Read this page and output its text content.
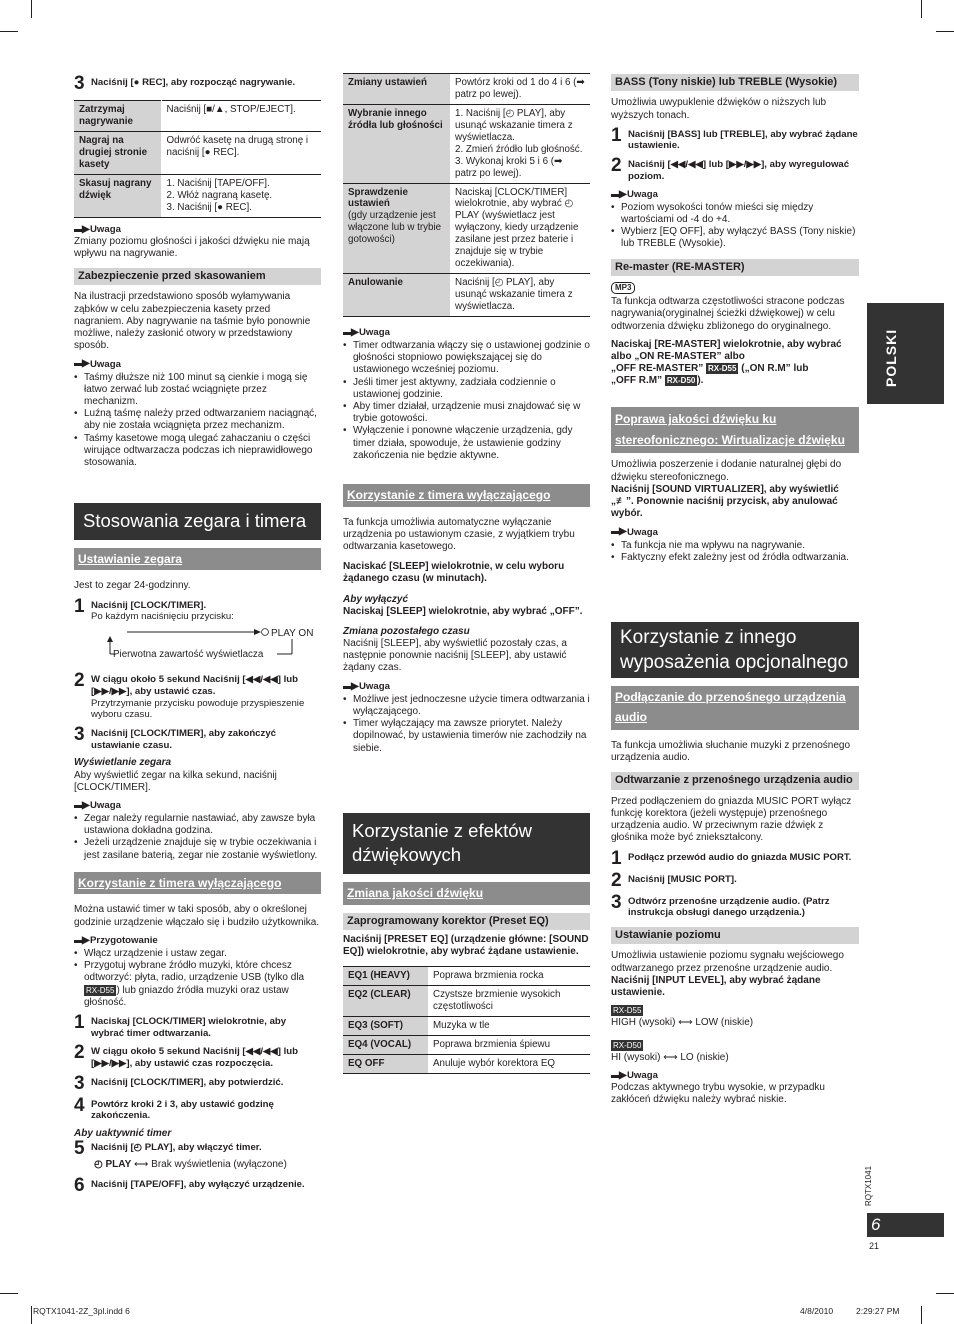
3 Naciśnij [● REC], aby rozpocząć nagrywanie.
Zatrzymaj nagrywanie	Naciśnij [■/▲, STOP/EJECT].
Nagraj na drugiej stronie kasety	Odwróć kasetę na drugą stronę i naciśnij [● REC].
Skasuj nagrany dźwięk	1. Naciśnij [TAPE/OFF].
2. Włóż nagraną kasetę.
3. Naciśnij [● REC].
▬▶ Uwaga

Zmiany poziomu głośności i jakości dźwięku nie mają wpływu na nagrywanie.

Zabezpieczenie przed skasowaniem

Na ilustracji przedstawiono sposób wyłamywania ząbków w celu zabezpieczenia kasety przed nagraniem. Aby nagrywanie na taśmie było ponownie możliwe, należy zasłonić otwory w przedstawiony sposób.

▬▶ Uwaga
• Taśmy dłuższe niż 100 minut są cienkie i mogą się łatwo zerwać lub zostać wciągnięte przez mechanizm.
• Luźną taśmę należy przed odtwarzaniem naciągnąć, aby nie została wciągnięta przez mechanizm.
• Taśmy kasetowe mogą ulegać zahaczaniu o części wirujące odtwarzacza podczas ich nieprawidłowego stosowania.
Stosowania zegara i timera
Ustawianie zegara

Jest to zegar 24-godzinny.

1 Naciśnij [CLOCK/TIMER].
Po każdym naciśnięciu przycisku:
PLAY ON
Pierwotna zawartość wyświetlacza
2 W ciągu około 5 sekund Naciśnij [◀◀/◀◀] lub [▶▶/▶▶], aby ustawić czas.
Przytrzymanie przycisku powoduje przyspieszenie wyboru czasu.
3 Naciśnij [CLOCK/TIMER], aby zakończyć ustawianie czasu.

Wyświetlanie zegara

Aby wyświetlić zegar na kilka sekund, naciśnij [CLOCK/TIMER].

▬▶ Uwaga
• Zegar należy regularnie nastawiać, aby zawsze była ustawiona dokładna godzina.
• Jeżeli urządzenie znajduje się w trybie oczekiwania i jest zasilane baterią, zegar nie zostanie wyświetlony.
Korzystanie z timera wyłączającego

Można ustawić timer w taki sposób, aby o określonej godzinie urządzenie włączało się i budziło użytkownika.

▬▶ Przygotowanie
• Włącz urządzenie i ustaw zegar.
• Przygotuj wybrane źródło muzyki, które chcesz odtworzyć: płyta, radio, urządzenie USB (tylko dla RX-D55 ) lub gniazdo źródła muzyki oraz ustaw głośność.
1 Naciskaj [CLOCK/TIMER] wielokrotnie, aby wybrać timer odtwarzania.
2 W ciągu około 5 sekund Naciśnij [◀◀/◀◀] lub [▶▶/▶▶], aby ustawić czas rozpoczęcia.
3 Naciśnij [CLOCK/TIMER], aby potwierdzić.
4 Powtórz kroki 2 i 3, aby ustawić godzinę zakończenia.

Aby uaktywnić timer

5 Naciśnij [◴ PLAY], aby włączyć timer.

◴ PLAY ⟷ Brak wyświetlenia (wyłączone)

6 Naciśnij [TAPE/OFF], aby wyłączyć urządzenie.
Zmiany ustawień	Powtórz kroki od 1 do 4 i 6 (➡ patrz po lewej).
Wybranie innego źródła lub głośności	1. Naciśnij [◴ PLAY], aby usunąć wskazanie timera z wyświetlacza.
2. Zmień źródło lub głośność.
3. Wykonaj kroki 5 i 6 (➡ patrz po lewej).

Sprawdzenie ustawień
(gdy urządzenie jest włączone lub w trybie gotowości)	Naciskaj [CLOCK/TIMER] wielokrotnie, aby wybrać ◴ PLAY (wyświetlacz jest wyłączony, kiedy urządzenie zasilane jest przez baterie i znajduje się w trybie oczekiwania).
Anulowanie	Naciśnij [◴ PLAY], aby usunąć wskazanie timera z wyświetlacza.
▬▶ Uwaga
• Timer odtwarzania włączy się o ustawionej godzinie o głośności stopniowo powiększającej się do ustawionego wcześniej poziomu.
• Jeśli timer jest aktywny, zadziała codziennie o ustawionej godzinie.
• Aby timer działał, urządzenie musi znajdować się w trybie gotowości.
• Wyłączenie i ponowne włączenie urządzenia, gdy timer działa, spowoduje, że ustawienie godziny zakończenia nie będzie aktywne.
Korzystanie z timera wyłączającego

Ta funkcja umożliwia automatyczne wyłączanie urządzenia po ustawionym czasie, z wyjątkiem trybu odtwarzania kasetowego.

Naciskać [SLEEP] wielokrotnie, w celu wyboru żądanego czasu (w minutach).

Aby wyłączyć

Naciskaj [SLEEP] wielokrotnie, aby wybrać „OFF”.

Zmiana pozostałego czasu

Naciśnij [SLEEP], aby wyświetlić pozostały czas, a następnie ponownie naciśnij [SLEEP], aby ustawić żądany czas.

▬▶ Uwaga
• Możliwe jest jednoczesne użycie timera odtwarzania i wyłączającego.
• Timer wyłączający ma zawsze priorytet. Należy dopilnować, by ustawienia timerów nie zachodziły na siebie.
Korzystanie z efektów dźwiękowych
Zmiana jakości dźwięku
Zaprogramowany korektor (Preset EQ)

Naciśnij [PRESET EQ] (urządzenie główne: [SOUND EQ]) wielokrotnie, aby wybrać żądane ustawienie.

EQ1 (HEAVY)	Poprawa brzmienia rocka
EQ2 (CLEAR)	Czystsze brzmienie wysokich częstotliwości
EQ3 (SOFT)	Muzyka w tle
EQ4 (VOCAL)	Poprawa brzmienia śpiewu
EQ OFF	Anuluje wybór korektora EQ
BASS (Tony niskie) lub TREBLE (Wysokie)

Umożliwia uwypuklenie dźwięków o niższych lub wyższych tonach.

1 Naciśnij [BASS] lub [TREBLE], aby wybrać żądane ustawienie.
2 Naciśnij [◀◀/◀◀] lub [▶▶/▶▶], aby wyregulować poziom.
▬▶ Uwaga
• Poziom wysokości tonów mieści się między wartościami od -4 do +4.
• Wybierz [EQ OFF], aby wyłączyć BASS (Tony niskie) lub TREBLE (Wysokie).
Re-master (RE-MASTER)
MP3

Ta funkcja odtwarza częstotliwości stracone podczas nagrywania(oryginalnej ścieżki dźwiękowej) w celu odtworzenia dźwięku zbliżonego do oryginalnego.

Naciskaj [RE-MASTER] wielokrotnie, aby wybrać albo „ON RE-MASTER” albo
„OFF RE-MASTER” RX-D55 („ON R.M” lub
„OFF R.M” RX-D50 ).

Poprawa jakości dźwięku ku stereofonicznego: Wirtualizacje dźwięku

Umożliwia poszerzenie i dodanie naturalnej głębi do dźwięku stereofonicznego.

Naciśnij [SOUND VIRTUALIZER], aby wyświetlić „≢”. Ponownie naciśnij przycisk, aby anulować wybór.

▬▶ Uwaga
• Ta funkcja nie ma wpływu na nagrywanie.
• Faktyczny efekt zależny jest od źródła odtwarzania.
Korzystanie z innego wyposażenia opcjonalnego
Podłączanie do przenośnego urządzenia audio

Ta funkcja umożliwia słuchanie muzyki z przenośnego urządzenia audio.

Odtwarzanie z przenośnego urządzenia audio

Przed podłączeniem do gniazda MUSIC PORT wyłącz funkcję korektora (jeżeli występuje) przenośnego urządzenia audio. W przeciwnym razie dźwięk z głośnika może być zniekształcony.

1 Podłącz przewód audio do gniazda MUSIC PORT.
2 Naciśnij [MUSIC PORT].
3 Odtwórz przenośne urządzenie audio. (Patrz instrukcja obsługi danego urządzenia.)
Ustawianie poziomu

Umożliwia ustawienie poziomu sygnału wejściowego odtwarzanego przez przenośne urządzenie audio.

Naciśnij [INPUT LEVEL], aby wybrać żądane ustawienie.

RX-D55

HIGH (wysoki) ⟷ LOW (niskie)

RX-D50

HI (wysoki) ⟷ LO (niskie)

▬▶ Uwaga

Podczas aktywnego trybu wysokie, w przypadku zakłóceń dźwięku należy wybrać niskie.

POLSKI
RQTX1041
6
21
RQTX1041-2Z_3pl.indd 6	4/8/2010	2:29:27 PM
